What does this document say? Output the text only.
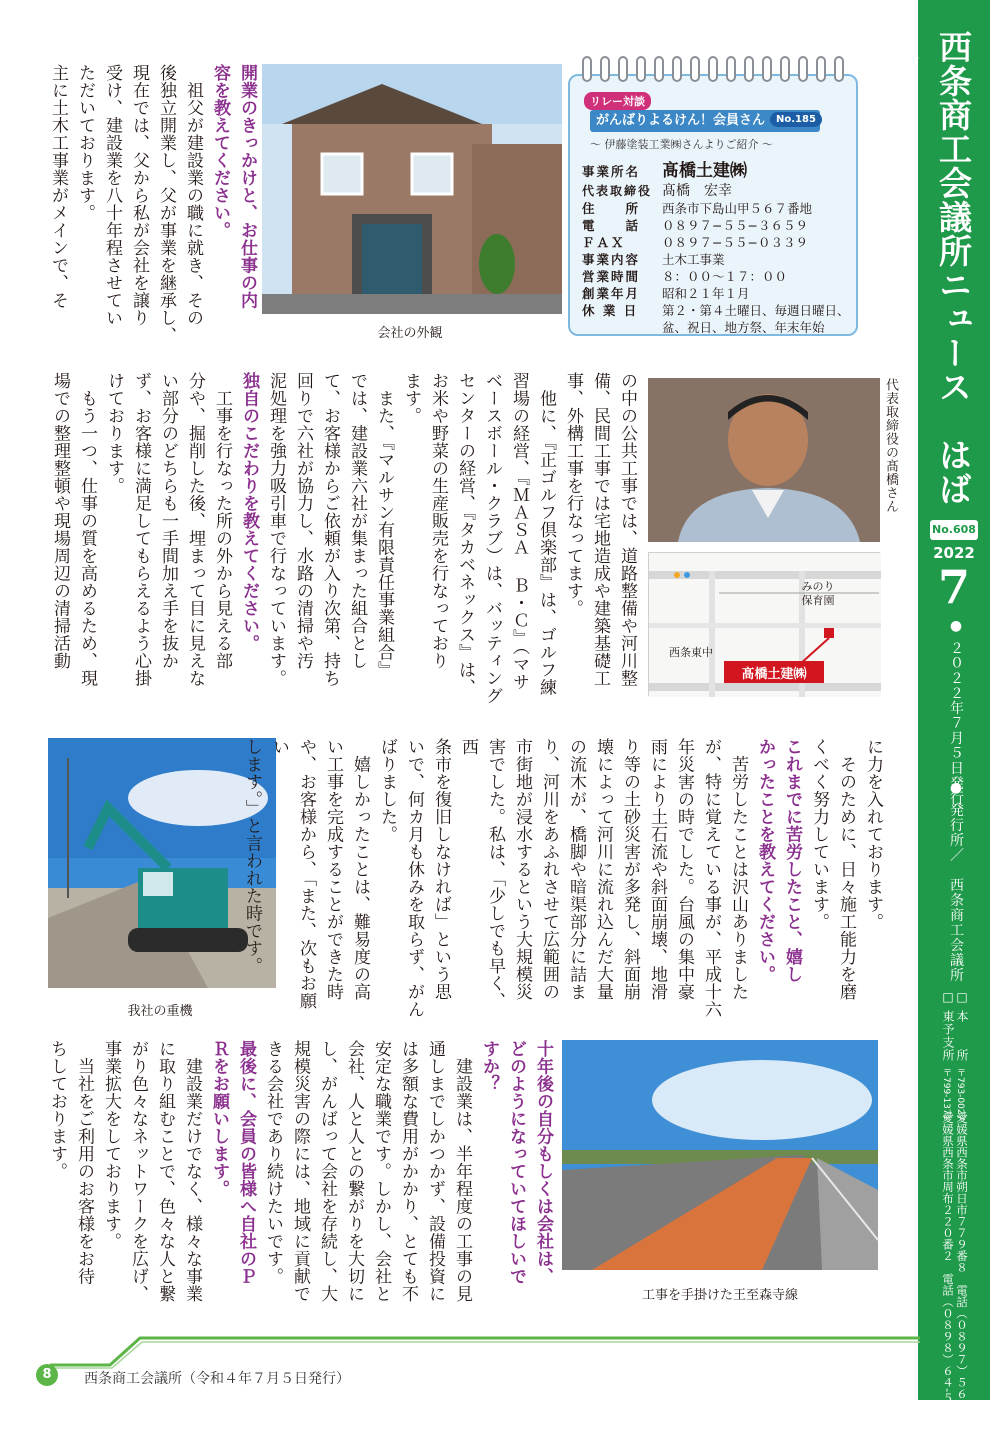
西条商工会議所ニュース　はばたき
No.608
2022
7
● ２０２２年７月５日発行
● 発行所／　西条商工会議所
□ 本　　所
□ 東予支所
〒793-0027
〒799-1371
愛媛県西条市朔日市７７９番８　電話（０８９７）５６-２２００
愛媛県西条市周布２２０番２　電話（０８９８）６４-５０００
リレー対談
がんばりよるけん！会員さん	No.185
〜 伊藤塗装工業㈱さんよりご紹介 〜
事業所名 髙橋土建㈱
代表取締役 髙橋　宏幸
住　　所 西条市下島山甲５６７番地
電　　話 ０８９７−５５−３６５９
ＦＡＸ	０８９７−５５−０３３９
事業内容 土木工事業
営業時間 ８：００〜１７：００
創業年月 昭和２１年１月
休 業 日 第２・第４土曜日、毎週日曜日、
盆、祝日、地方祭、年末年始
会社の外観

代表取締役の髙橋さん

みのり
保育園
西条東中
髙橋土建㈱
我社の重機
工事を手掛けた王至森寺線

開業のきっかけと、お仕事の内

容を教えてください。

　祖父が建設業の職に就き、その

後独立開業し、父が事業を継承し、

現在では、父から私が会社を譲り

受け、建設業を八十年程させてい

ただいております。

主に土木工事業がメインで、そ

の中の公共工事では、道路整備や河川整

備、民間工事では宅地造成や建築基礎工

事、外構工事を行なってます。

　他に、『正ゴルフ倶楽部』は、ゴルフ練

習場の経営、『ＭＡＳＡ Ｂ・Ｃ』（マサ

ベースボール・クラブ）は、バッティング

センターの経営、『タカベネックス』は、

お米や野菜の生産販売を行なっており

ます。

　また、『マルサン有限責任事業組合』

では、建設業六社が集まった組合とし

て、お客様からご依頼が入り次第、持ち

回りで六社が協力し、水路の清掃や汚

泥処理を強力吸引車で行なっています。

独自のこだわりを教えてください。

　工事を行なった所の外から見える部

分や、掘削した後、埋まって目に見えな

い部分のどちらも一手間加え手を抜か

ず、お客様に満足してもらえるよう心掛

けております。

　もう一つ、仕事の質を高めるため、現

場での整理整頓や現場周辺の清掃活動

に力を入れております。

　そのために、日々施工能力を磨

くべく努力しています。

これまでに苦労したこと、嬉し

かったことを教えてください。

　苦労したことは沢山ありました

が、特に覚えている事が、平成十六

年災害の時でした。台風の集中豪

雨により土石流や斜面崩壊、地滑

り等の土砂災害が多発し、斜面崩

壊によって河川に流れ込んだ大量

の流木が、橋脚や暗渠部分に詰ま

り、河川をあふれさせて広範囲の

市街地が浸水するという大規模災

害でした。私は、「少しでも早く、西

条市を復旧しなければ」という思

いで、何カ月も休みを取らず、がん

ばりました。

　嬉しかったことは、難易度の高

い工事を完成することができた時

や、お客様から、「また、次もお願い

します。」と言われた時です。

十年後の自分もしくは会社は、

どのようになっていてほしいで

すか？

　建設業は、半年程度の工事の見

通しまでしかつかず、設備投資に

は多額な費用がかかり、とても不

安定な職業です。しかし、会社と

会社、人と人との繋がりを大切に

し、がんばって会社を存続し、大

規模災害の際には、地域に貢献で

きる会社であり続けたいです。

最後に、会員の皆様へ自社のＰ

Ｒをお願いします。

　建設業だけでなく、様々な事業

に取り組むことで、色々な人と繋

がり色々なネットワークを広げ、

事業拡大をしております。

　当社をご利用のお客様をお待

ちしております。

8	西条商工会議所（令和４年７月５日発行）
